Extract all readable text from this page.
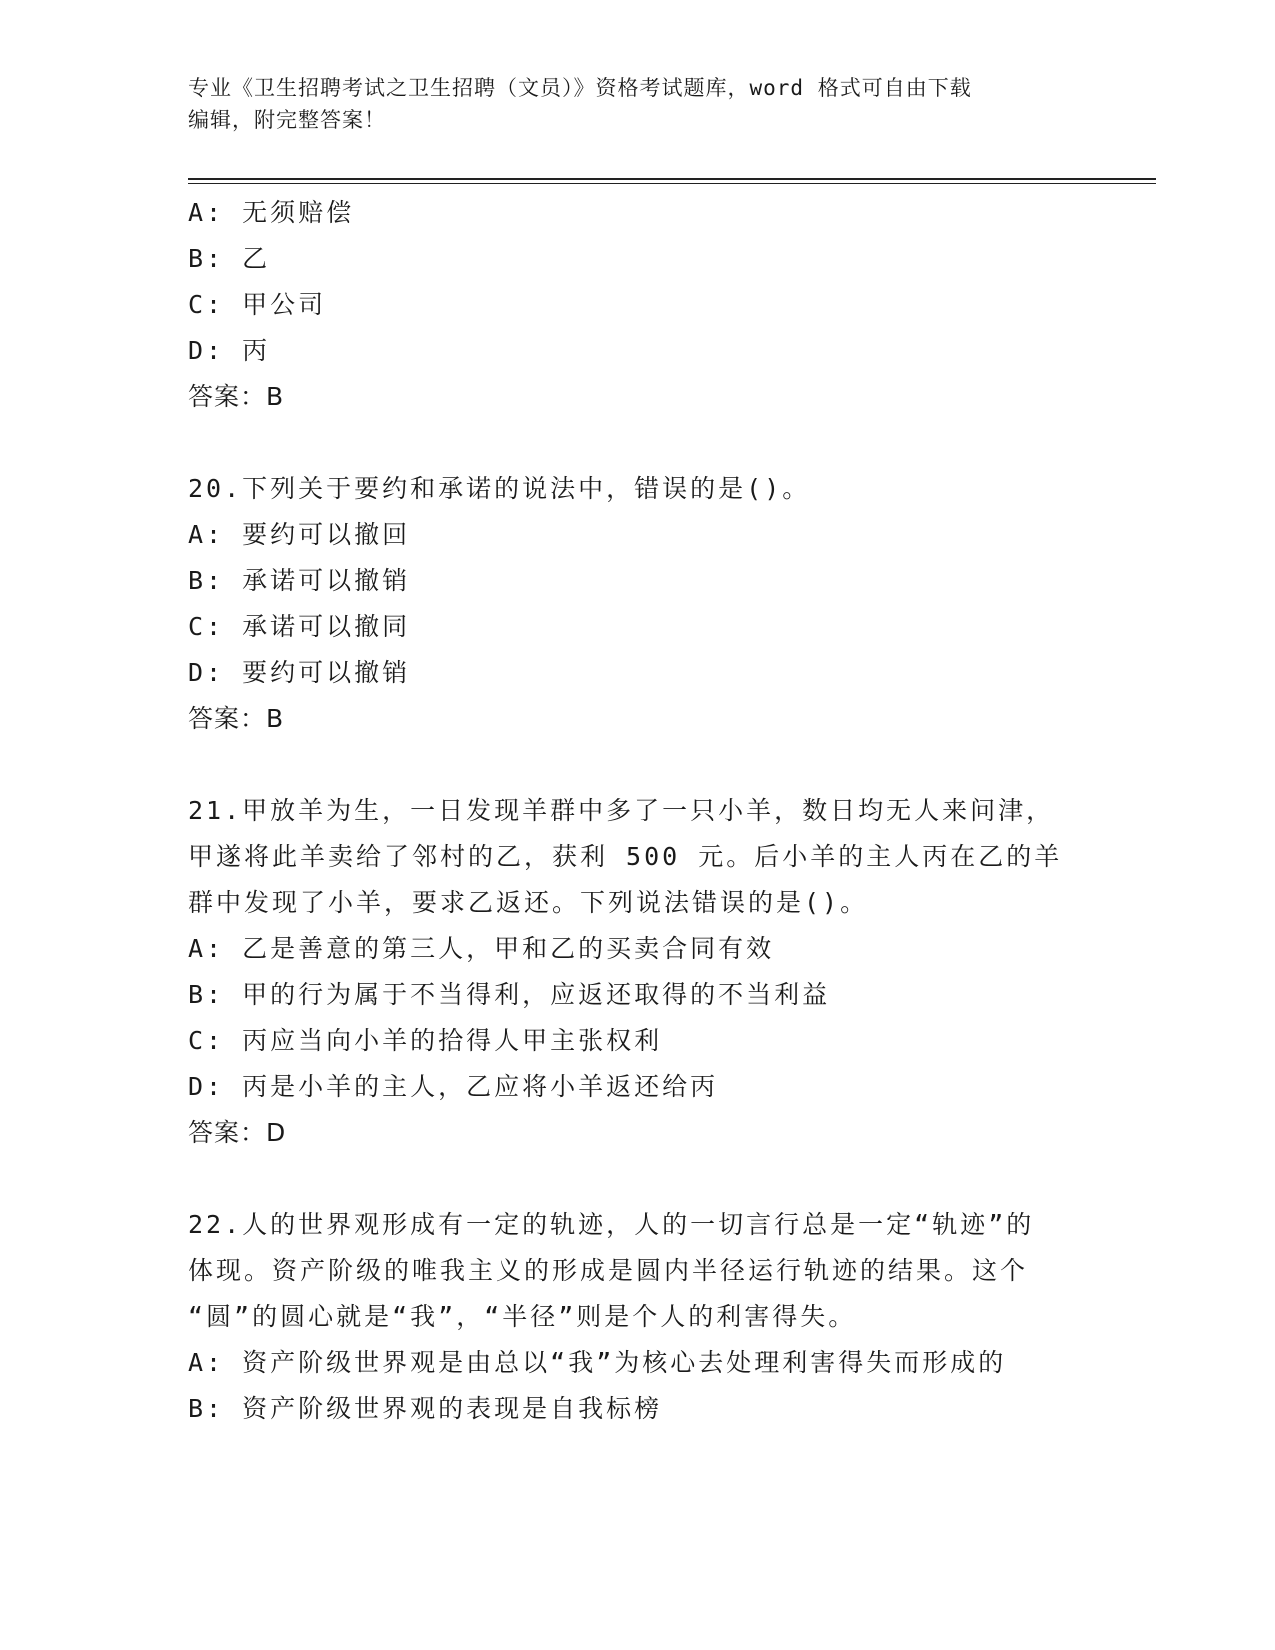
专业《卫生招聘考试之卫生招聘（文员）》资格考试题库，word 格式可自由下载
编辑，附完整答案！
A: 无须赔偿
B: 乙
C: 甲公司
D: 丙
答案：B
20.下列关于要约和承诺的说法中，错误的是()。
A: 要约可以撤回
B: 承诺可以撤销
C: 承诺可以撤同
D: 要约可以撤销
答案：B
21.甲放羊为生，一日发现羊群中多了一只小羊，数日均无人来问津，
甲遂将此羊卖给了邻村的乙，获利 500 元。后小羊的主人丙在乙的羊
群中发现了小羊，要求乙返还。下列说法错误的是()。
A: 乙是善意的第三人，甲和乙的买卖合同有效
B: 甲的行为属于不当得利，应返还取得的不当利益
C: 丙应当向小羊的拾得人甲主张权利
D: 丙是小羊的主人，乙应将小羊返还给丙
答案：D
22.人的世界观形成有一定的轨迹，人的一切言行总是一定“轨迹”的
体现。资产阶级的唯我主义的形成是圆内半径运行轨迹的结果。这个
“圆”的圆心就是“我”，“半径”则是个人的利害得失。
A: 资产阶级世界观是由总以“我”为核心去处理利害得失而形成的
B: 资产阶级世界观的表现是自我标榜
